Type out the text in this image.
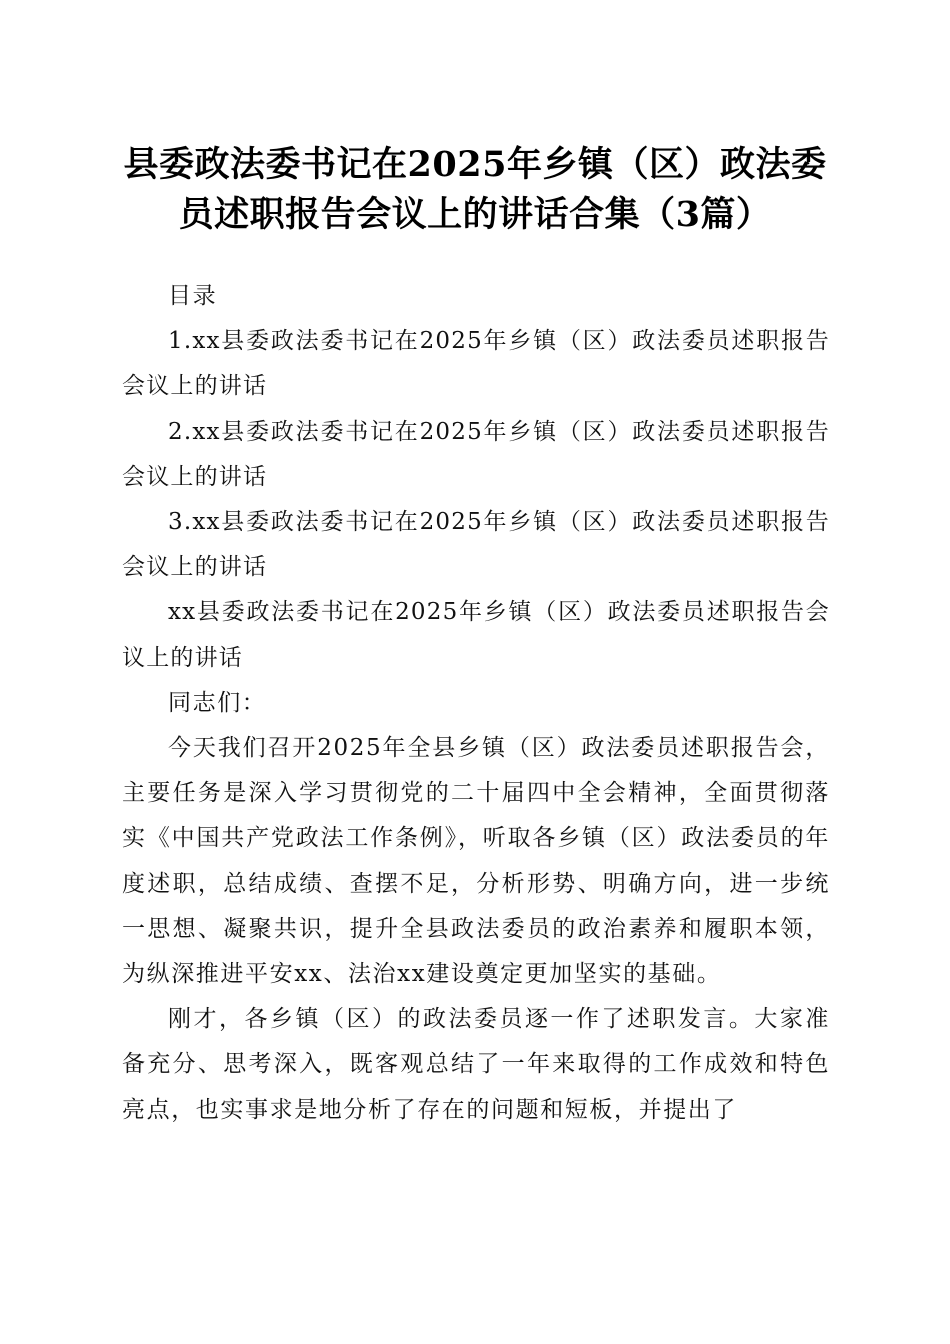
县委政法委书记在2025年乡镇（区）政法委
员述职报告会议上的讲话合集（3篇）

目录

1.xx县委政法委书记在2025年乡镇（区）政法委员述职报告会议上的讲话

2.xx县委政法委书记在2025年乡镇（区）政法委员述职报告会议上的讲话

3.xx县委政法委书记在2025年乡镇（区）政法委员述职报告会议上的讲话

xx县委政法委书记在2025年乡镇（区）政法委员述职报告会议上的讲话

同志们：

今天我们召开2025年全县乡镇（区）政法委员述职报告会，主要任务是深入学习贯彻党的二十届四中全会精神，全面贯彻落实《中国共产党政法工作条例》，听取各乡镇（区）政法委员的年度述职，总结成绩、查摆不足，分析形势、明确方向，进一步统一思想、凝聚共识，提升全县政法委员的政治素养和履职本领，为纵深推进平安xx、法治xx建设奠定更加坚实的基础。

刚才，各乡镇（区）的政法委员逐一作了述职发言。大家准备充分、思考深入，既客观总结了一年来取得的工作成效和特色亮点，也实事求是地分析了存在的问题和短板，并提出了
